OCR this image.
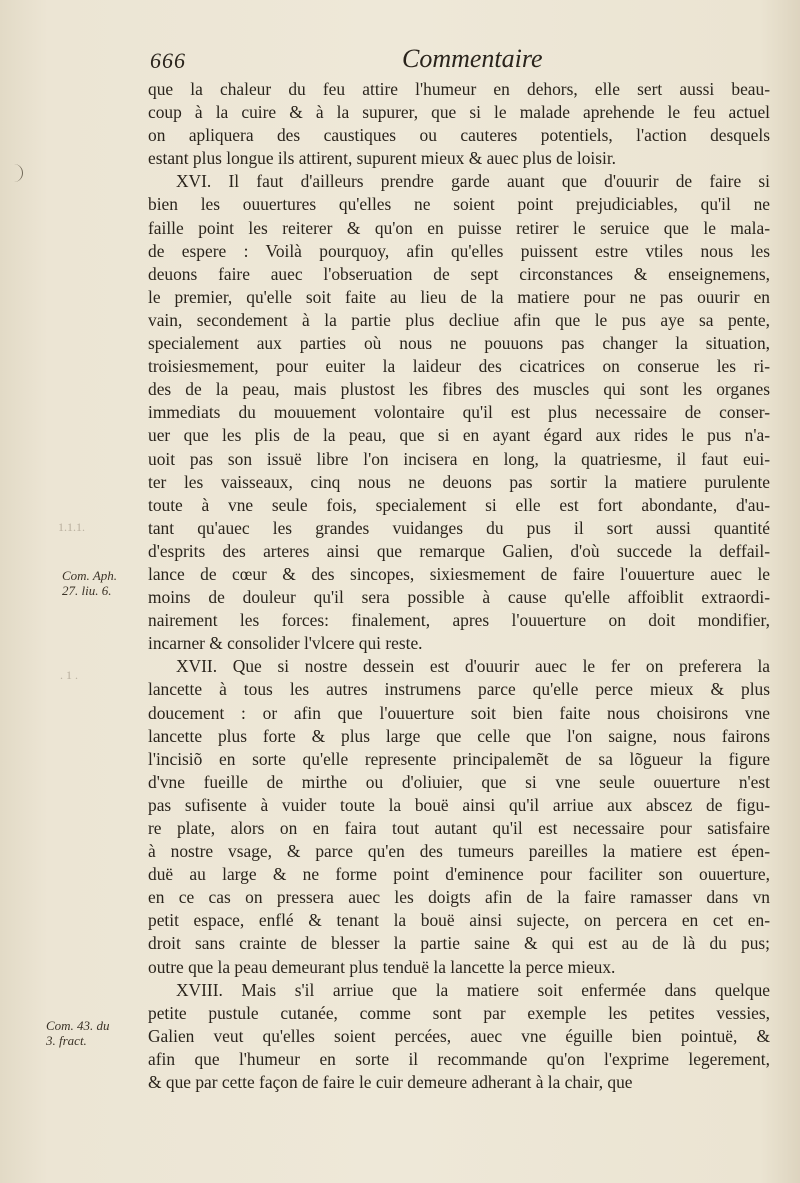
666	Commentaire
que la chaleur du feu attire l'humeur en dehors, elle sert aussi beau-
coup à la cuire & à la supurer, que si le malade aprehende le feu actuel
on apliquera des caustiques ou cauteres potentiels, l'action desquels
estant plus longue ils attirent, supurent mieux & auec plus de loisir.
XVI. Il faut d'ailleurs prendre garde auant que d'ouurir de faire si
bien les ouuertures qu'elles ne soient point prejudiciables, qu'il ne
faille point les reiterer & qu'on en puisse retirer le seruice que le mala-
de espere : Voilà pourquoy, afin qu'elles puissent estre vtiles nous les
deuons faire auec l'obseruation de sept circonstances & enseignemens,
le premier, qu'elle soit faite au lieu de la matiere pour ne pas ouurir en
vain, secondement à la partie plus decliue afin que le pus aye sa pente,
specialement aux parties où nous ne pouuons pas changer la situation,
troisiesmement, pour euiter la laideur des cicatrices on conserue les ri-
des de la peau, mais plustost les fibres des muscles qui sont les organes
immediats du mouuement volontaire qu'il est plus necessaire de conser-
uer que les plis de la peau, que si en ayant égard aux rides le pus n'a-
uoit pas son issuë libre l'on incisera en long, la quatriesme, il faut eui-
ter les vaisseaux, cinq nous ne deuons pas sortir la matiere purulente
toute à vne seule fois, specialement si elle est fort abondante, d'au-
tant qu'auec les grandes vuidanges du pus il sort aussi quantité
d'esprits des arteres ainsi que remarque Galien, d'où succede la deffail-
lance de cœur & des sincopes, sixiesmement de faire l'ouuerture auec le
moins de douleur qu'il sera possible à cause qu'elle affoiblit extraordi-
nairement les forces: finalement, apres l'ouuerture on doit mondifier,
incarner & consolider l'vlcere qui reste.
XVII. Que si nostre dessein est d'ouurir auec le fer on preferera la
lancette à tous les autres instrumens parce qu'elle perce mieux & plus
doucement : or afin que l'ouuerture soit bien faite nous choisirons vne
lancette plus forte & plus large que celle que l'on saigne, nous fairons
l'incisiõ en sorte qu'elle represente principalemẽt de sa lõgueur la figure
d'vne fueille de mirthe ou d'oliuier, que si vne seule ouuerture n'est
pas sufisente à vuider toute la bouë ainsi qu'il arriue aux abscez de figu-
re plate, alors on en faira tout autant qu'il est necessaire pour satisfaire
à nostre vsage, & parce qu'en des tumeurs pareilles la matiere est épen-
duë au large & ne forme point d'eminence pour faciliter son ouuerture,
en ce cas on pressera auec les doigts afin de la faire ramasser dans vn
petit espace, enflé & tenant la bouë ainsi sujecte, on percera en cet en-
droit sans crainte de blesser la partie saine & qui est au de là du pus;
outre que la peau demeurant plus tenduë la lancette la perce mieux.
XVIII. Mais s'il arriue que la matiere soit enfermée dans quelque
petite pustule cutanée, comme sont par exemple les petites vessies,
Galien veut qu'elles soient percées, auec vne éguille bien pointuë, &
afin que l'humeur en sorte il recommande qu'on l'exprime legerement,
& que par cette façon de faire le cuir demeure adherant à la chair, que
Com. Aph.
27. liu. 6.
Com. 43. du
3. fract.
1.1.1.
. 1 .
